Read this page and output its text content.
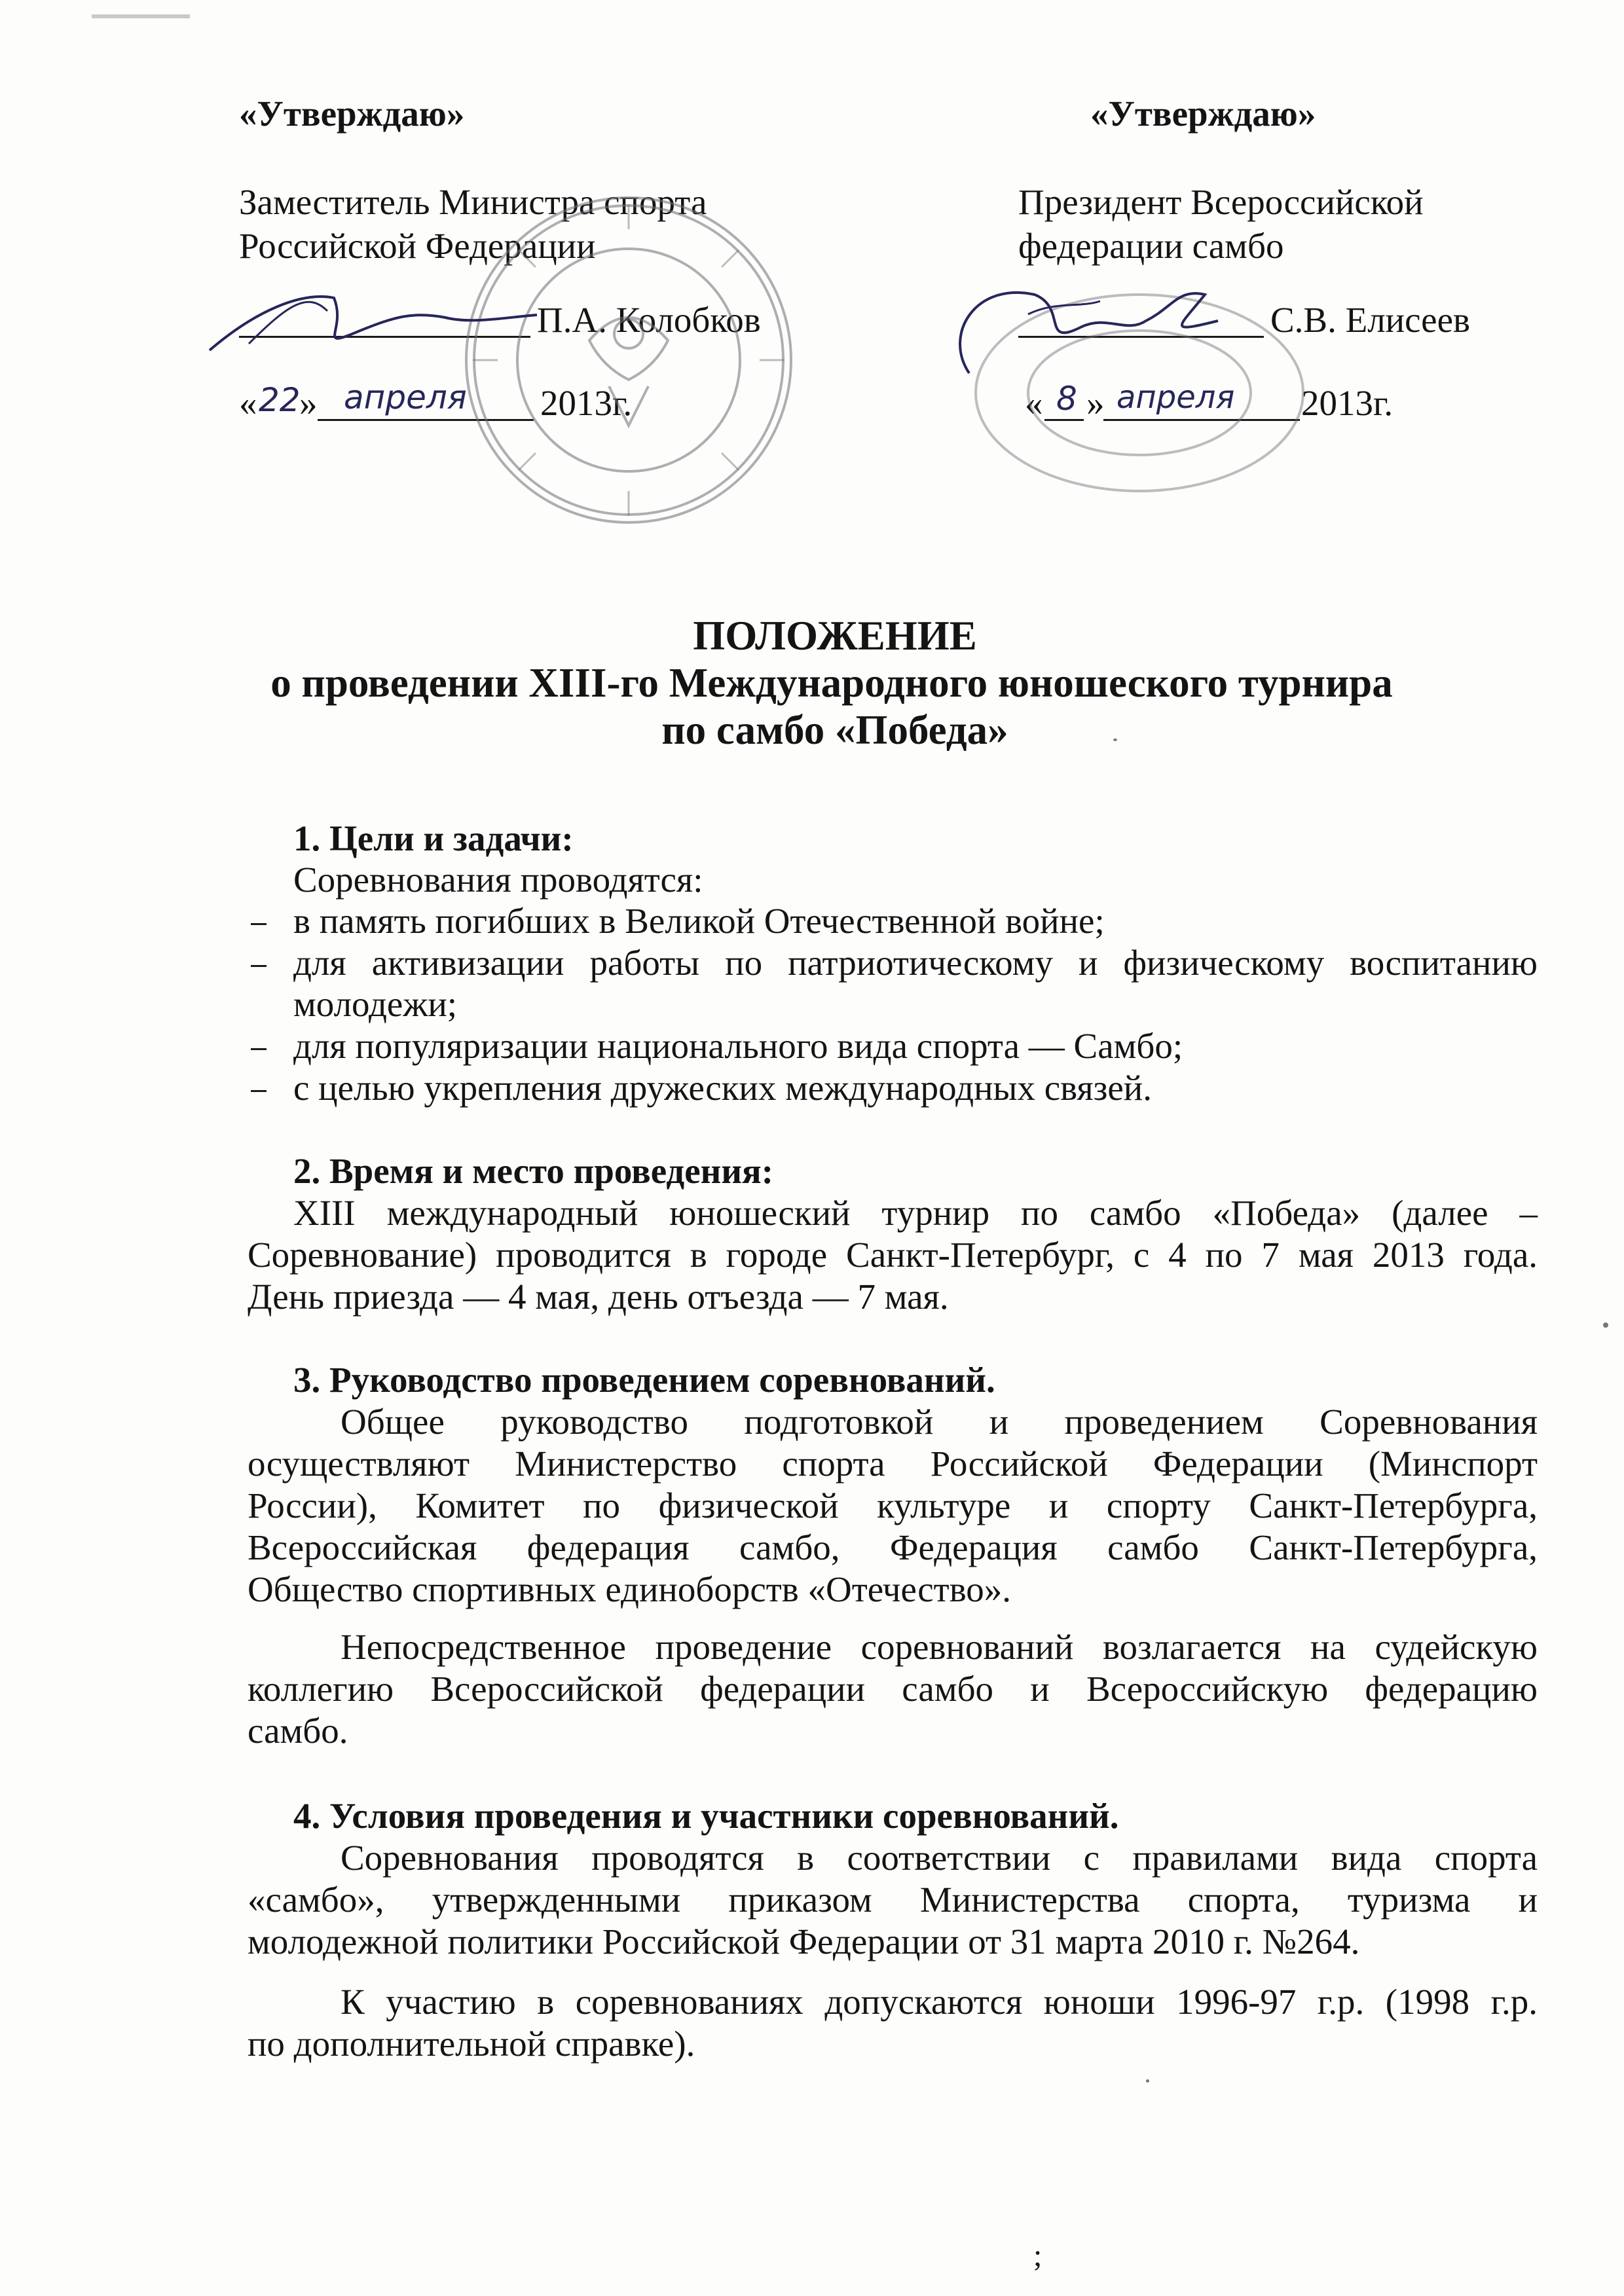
«Утверждаю»
Заместитель Министра спорта
Российской Федерации
П.А. Колобков
« 22
» апреля 2013г.
«Утверждаю»
Президент Всероссийской
федерации самбо
С.В. Елисеев
« 8 » апреля 2013г.
ПОЛОЖЕНИЕ
о проведении XIII-го Международного юношеского турнира
по самбо «Победа»
1. Цели и задачи:
Соревнования проводятся:
в память погибших в Великой Отечественной войне;
для активизации работы по патриотическому и физическому воспитанию
молодежи;
для популяризации национального вида спорта — Самбо;
с целью укрепления дружеских международных связей.
2. Время и место проведения:
XIII международный юношеский турнир по самбо «Победа» (далее –
Соревнование) проводится в городе Санкт-Петербург, с 4 по 7 мая 2013 года.
День приезда — 4 мая, день отъезда — 7 мая.
3. Руководство проведением соревнований.
Общее руководство подготовкой и проведением Соревнования
осуществляют Министерство спорта Российской Федерации (Минспорт
России), Комитет по физической культуре и спорту Санкт-Петербурга,
Всероссийская федерация самбо, Федерация самбо Санкт-Петербурга,
Общество спортивных единоборств «Отечество».
Непосредственное проведение соревнований возлагается на судейскую
коллегию Всероссийской федерации самбо и Всероссийскую федерацию
самбо.
4. Условия проведения и участники соревнований.
Соревнования проводятся в соответствии с правилами вида спорта
«самбо», утвержденными приказом Министерства спорта, туризма и
молодежной политики Российской Федерации от 31 марта 2010 г. №264.
К участию в соревнованиях допускаются юноши 1996-97 г.р. (1998 г.р.
по дополнительной справке).
;
